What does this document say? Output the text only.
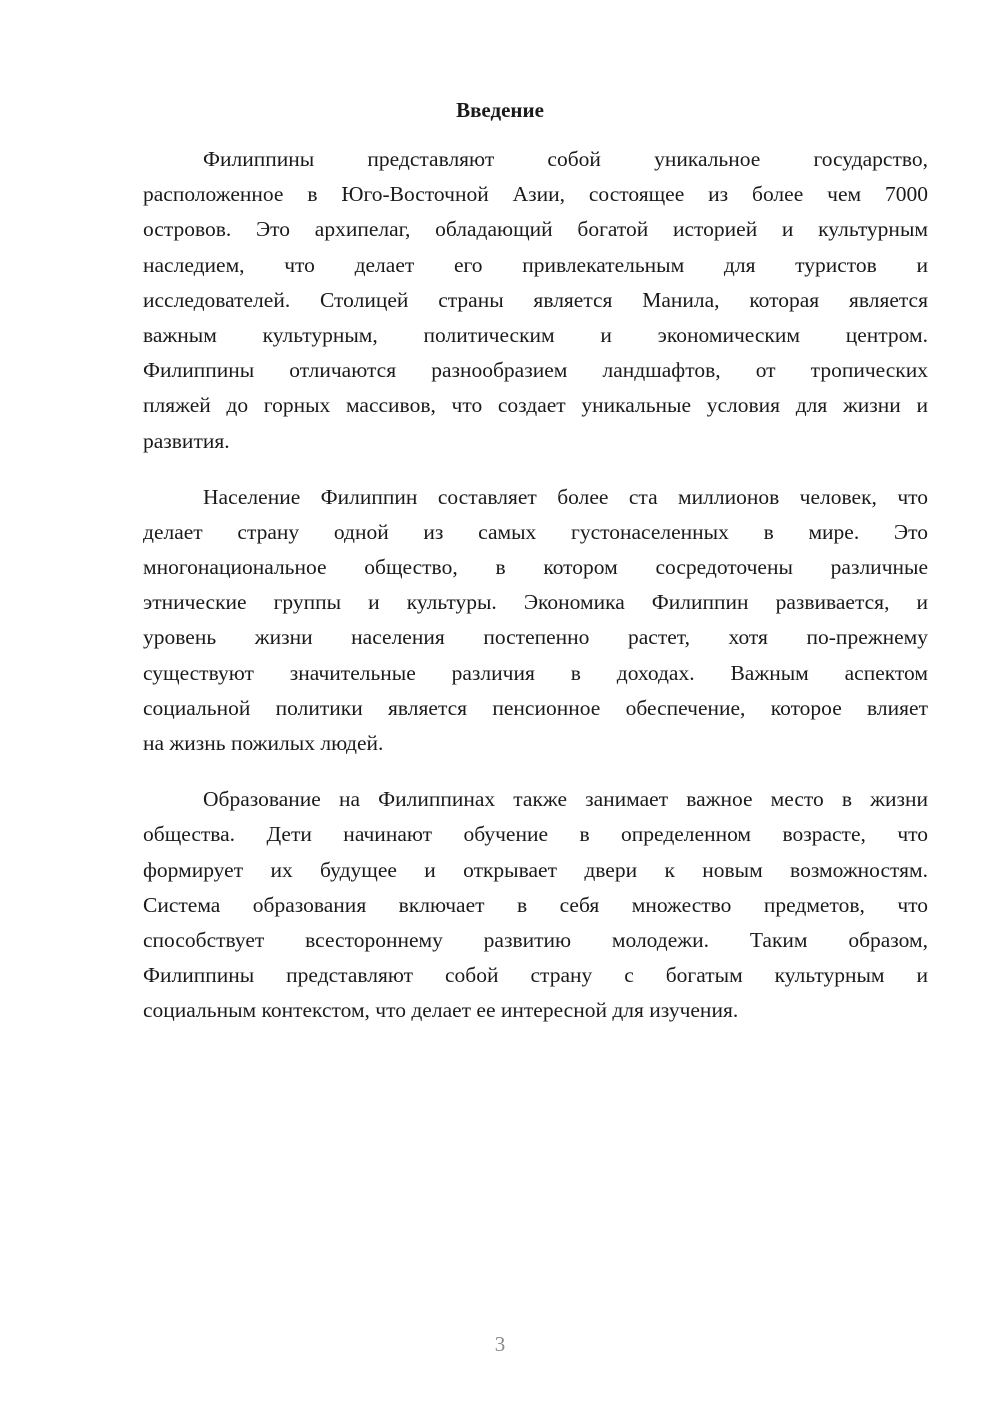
Введение
Филиппины представляют собой уникальное государство,
расположенное в Юго-Восточной Азии, состоящее из более чем 7000
островов. Это архипелаг, обладающий богатой историей и культурным
наследием, что делает его привлекательным для туристов и
исследователей. Столицей страны является Манила, которая является
важным культурным, политическим и экономическим центром.
Филиппины отличаются разнообразием ландшафтов, от тропических
пляжей до горных массивов, что создает уникальные условия для жизни и
развития.
Население Филиппин составляет более ста миллионов человек, что
делает страну одной из самых густонаселенных в мире. Это
многонациональное общество, в котором сосредоточены различные
этнические группы и культуры. Экономика Филиппин развивается, и
уровень жизни населения постепенно растет, хотя по-прежнему
существуют значительные различия в доходах. Важным аспектом
социальной политики является пенсионное обеспечение, которое влияет
на жизнь пожилых людей.
Образование на Филиппинах также занимает важное место в жизни
общества. Дети начинают обучение в определенном возрасте, что
формирует их будущее и открывает двери к новым возможностям.
Система образования включает в себя множество предметов, что
способствует всестороннему развитию молодежи. Таким образом,
Филиппины представляют собой страну с богатым культурным и
социальным контекстом, что делает ее интересной для изучения.
3
